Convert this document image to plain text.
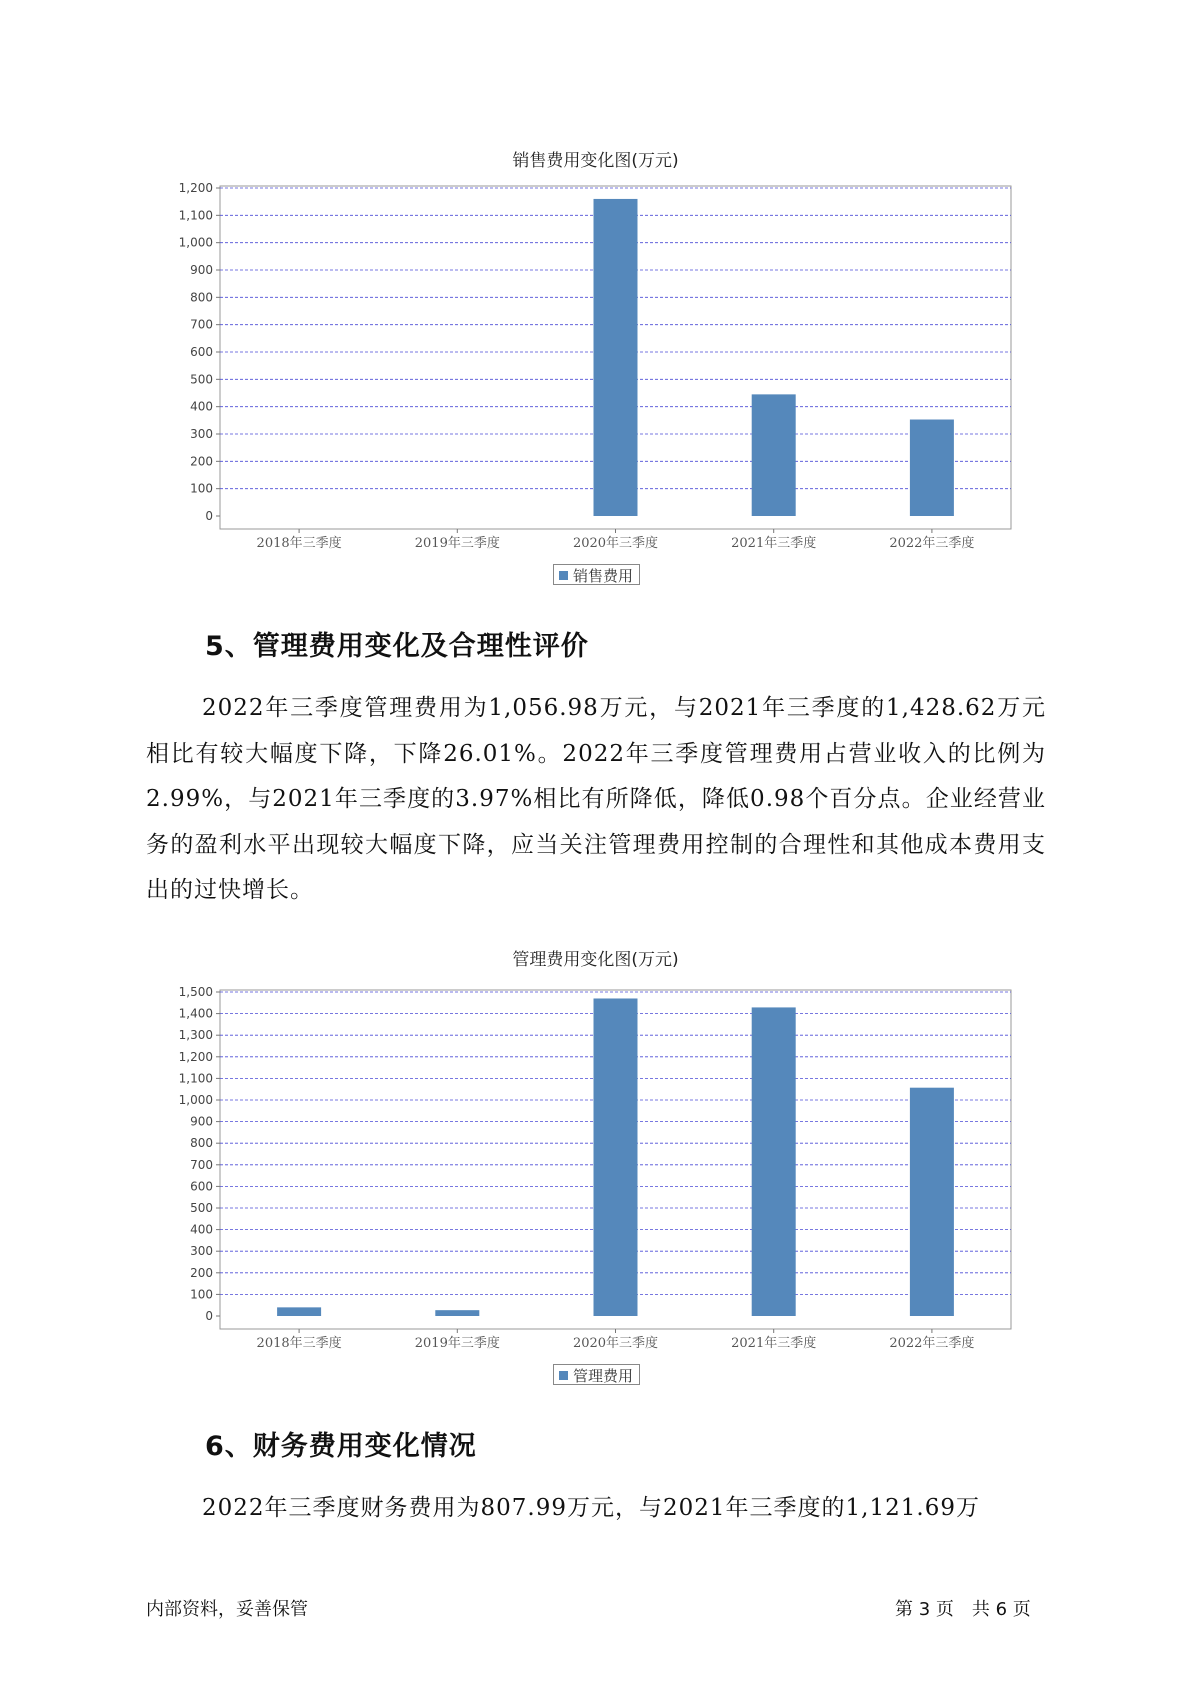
销售费用变化图(万元)
0
100
200
300
400
500
600
700
800
900
1,000
1,100
1,200
2018年三季度	2019年三季度	2020年三季度	2021年三季度	2022年三季度
销售费用
5、管理费用变化及合理性评价

2022年三季度管理费用为1,056.98万元，与2021年三季度的1,428.62万元相比有较大幅度下降，下降26.01%。2022年三季度管理费用占营业收入的比例为2.99%，与2021年三季度的3.97%相比有所降低，降低0.98个百分点。企业经营业务的盈利水平出现较大幅度下降，应当关注管理费用控制的合理性和其他成本费用支出的过快增长。

管理费用变化图(万元)
0
100
200
300
400
500
600
700
800
900
1,000
1,100
1,200
1,300
1,400
1,500
2018年三季度	2019年三季度	2020年三季度	2021年三季度	2022年三季度
管理费用
6、财务费用变化情况

2022年三季度财务费用为807.99万元，与2021年三季度的1,121.69万

内部资料，妥善保管	第 3 页　共 6 页
